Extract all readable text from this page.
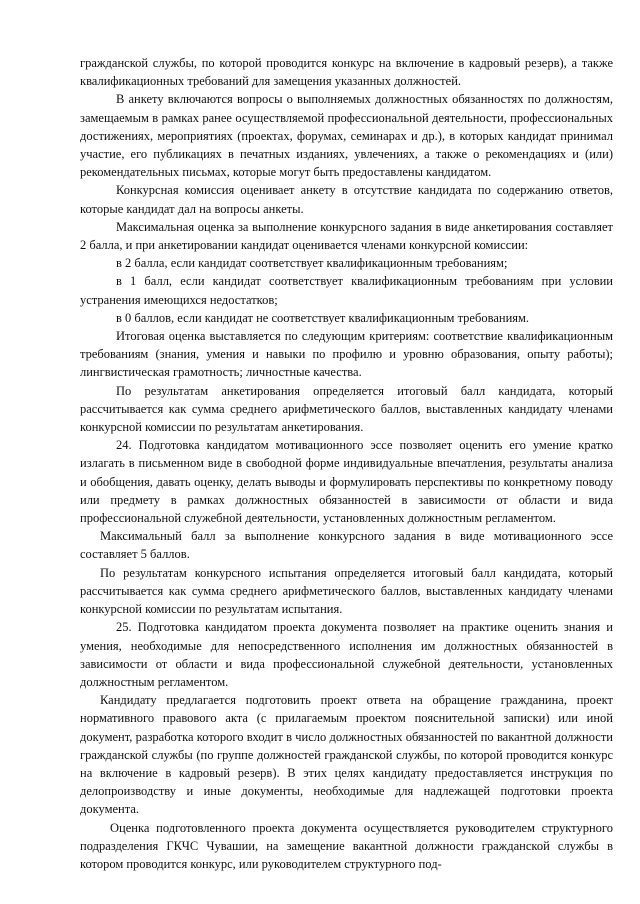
гражданской службы, по которой проводится конкурс на включение в кадровый резерв), а также квалификационных требований для замещения указанных должностей.

В анкету включаются вопросы о выполняемых должностных обязанностях по должностям, замещаемым в рамках ранее осуществляемой профессиональной деятельности, профессиональных достижениях, мероприятиях (проектах, форумах, семинарах и др.), в которых кандидат принимал участие, его публикациях в печатных изданиях, увлечениях, а также о рекомендациях и (или) рекомендательных письмах, которые могут быть предоставлены кандидатом.

Конкурсная комиссия оценивает анкету в отсутствие кандидата по содержанию ответов, которые кандидат дал на вопросы анкеты.

Максимальная оценка за выполнение конкурсного задания в виде анкетирования составляет 2 балла, и при анкетировании кандидат оценивается членами конкурсной комиссии:

в 2 балла, если кандидат соответствует квалификационным требованиям;

в 1 балл, если кандидат соответствует квалификационным требованиям при условии устранения имеющихся недостатков;

в 0 баллов, если кандидат не соответствует квалификационным требованиям.

Итоговая оценка выставляется по следующим критериям: соответствие квалификационным требованиям (знания, умения и навыки по профилю и уровню образования, опыту работы); лингвистическая грамотность; личностные качества.

По результатам анкетирования определяется итоговый балл кандидата, который рассчитывается как сумма среднего арифметического баллов, выставленных кандидату членами конкурсной комиссии по результатам анкетирования.

24. Подготовка кандидатом мотивационного эссе позволяет оценить его умение кратко излагать в письменном виде в свободной форме индивидуальные впечатления, результаты анализа и обобщения, давать оценку, делать выводы и формулировать перспективы по конкретному поводу или предмету в рамках должностных обязанностей в зависимости от области и вида профессиональной служебной деятельности, установленных должностным регламентом.

Максимальный балл за выполнение конкурсного задания в виде мотивационного эссе составляет 5 баллов.

По результатам конкурсного испытания определяется итоговый балл кандидата, который рассчитывается как сумма среднего арифметического баллов, выставленных кандидату членами конкурсной комиссии по результатам испытания.

25. Подготовка кандидатом проекта документа позволяет на практике оценить знания и умения, необходимые для непосредственного исполнения им должностных обязанностей в зависимости от области и вида профессиональной служебной деятельности, установленных должностным регламентом.

Кандидату предлагается подготовить проект ответа на обращение гражданина, проект нормативного правового акта (с прилагаемым проектом пояснительной записки) или иной документ, разработка которого входит в число должностных обязанностей по вакантной должности гражданской службы (по группе должностей гражданской службы, по которой проводится конкурс на включение в кадровый резерв). В этих целях кандидату предоставляется инструкция по делопроизводству и иные документы, необходимые для надлежащей подготовки проекта документа.

Оценка подготовленного проекта документа осуществляется руководителем структурного подразделения ГКЧС Чувашии, на замещение вакантной должности гражданской службы в котором проводится конкурс, или руководителем структурного под-
